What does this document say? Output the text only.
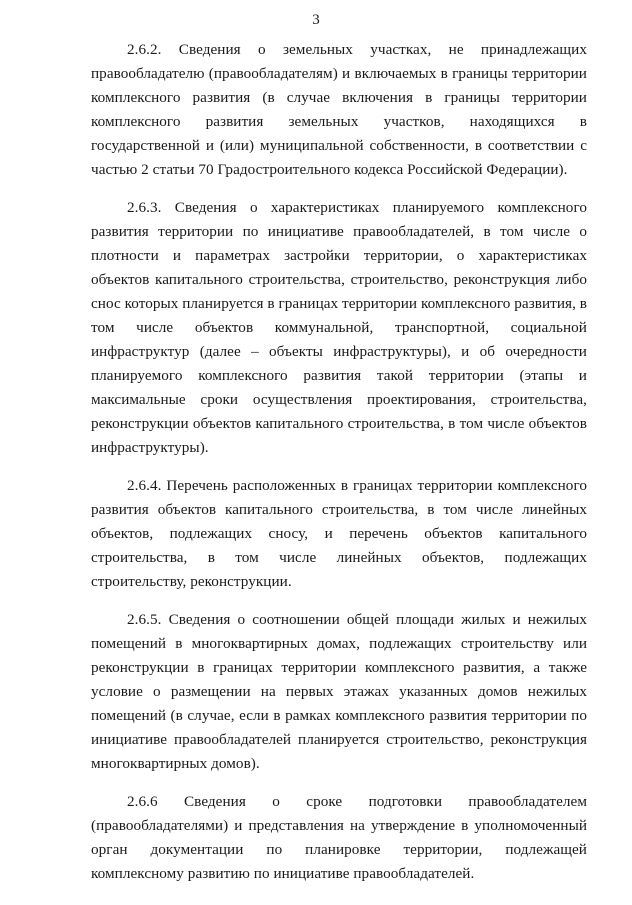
3

2.6.2. Сведения о земельных участках, не принадлежащих правообладателю (правообладателям) и включаемых в границы территории комплексного развития (в случае включения в границы территории комплексного развития земельных участков, находящихся в государственной и (или) муниципальной собственности, в соответствии с частью 2 статьи 70 Градостроительного кодекса Российской Федерации).

2.6.3. Сведения о характеристиках планируемого комплексного развития территории по инициативе правообладателей, в том числе о плотности и параметрах застройки территории, о характеристиках объектов капитального строительства, строительство, реконструкция либо снос которых планируется в границах территории комплексного развития, в том числе объектов коммунальной, транспортной, социальной инфраструктур (далее – объекты инфраструктуры), и об очередности планируемого комплексного развития такой территории (этапы и максимальные сроки осуществления проектирования, строительства, реконструкции объектов капитального строительства, в том числе объектов инфраструктуры).

2.6.4. Перечень расположенных в границах территории комплексного развития объектов капитального строительства, в том числе линейных объектов, подлежащих сносу, и перечень объектов капитального строительства, в том числе линейных объектов, подлежащих строительству, реконструкции.

2.6.5. Сведения о соотношении общей площади жилых и нежилых помещений в многоквартирных домах, подлежащих строительству или реконструкции в границах территории комплексного развития, а также условие о размещении на первых этажах указанных домов нежилых помещений (в случае, если в рамках комплексного развития территории по инициативе правообладателей планируется строительство, реконструкция многоквартирных домов).

2.6.6 Сведения о сроке подготовки правообладателем (правообладателями) и представления на утверждение в уполномоченный орган документации по планировке территории, подлежащей комплексному развитию по инициативе правообладателей.
